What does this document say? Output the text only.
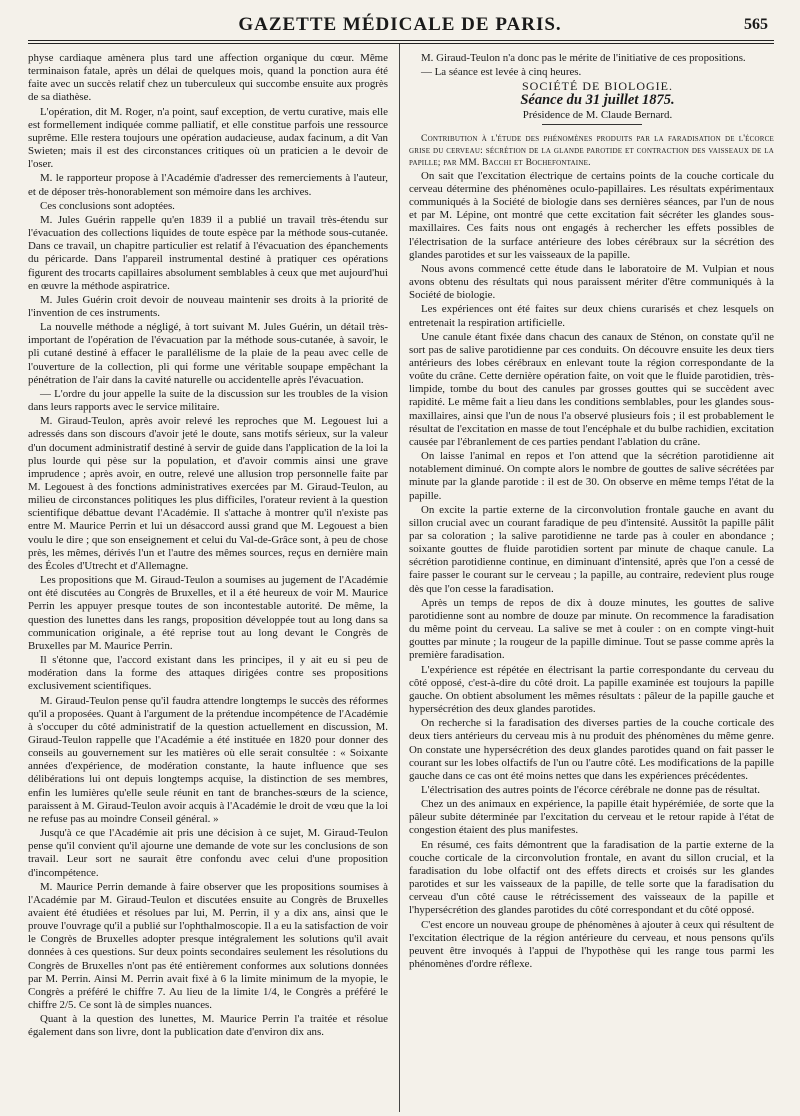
GAZETTE MÉDICALE DE PARIS.	565

physe cardiaque amènera plus tard une affection organique du cœur. Même terminaison fatale, après un délai de quelques mois, quand la ponction aura été faite avec un succès relatif chez un tuberculeux qui succombe ensuite aux progrès de sa diathèse.

L'opération, dit M. Roger, n'a point, sauf exception, de vertu curative, mais elle est formellement indiquée comme palliatif, et elle constitue parfois une ressource suprême. Elle restera toujours une opération audacieuse, audax facinum, a dit Van Swieten; mais il est des circonstances critiques où un praticien a le devoir de l'oser.

M. le rapporteur propose à l'Académie d'adresser des remerciements à l'auteur, et de déposer très-honorablement son mémoire dans les archives.

Ces conclusions sont adoptées.

M. Jules Guérin rappelle qu'en 1839 il a publié un travail très-étendu sur l'évacuation des collections liquides de toute espèce par la méthode sous-cutanée. Dans ce travail, un chapitre particulier est relatif à l'évacuation des épanchements du péricarde. Dans l'appareil instrumental destiné à pratiquer ces opérations figurent des trocarts capillaires absolument semblables à ceux que met aujourd'hui en œuvre la méthode aspiratrice.

M. Jules Guérin croit devoir de nouveau maintenir ses droits à la priorité de l'invention de ces instruments.

La nouvelle méthode a négligé, à tort suivant M. Jules Guérin, un détail très-important de l'opération de l'évacuation par la méthode sous-cutanée, à savoir, le pli cutané destiné à effacer le parallélisme de la plaie de la peau avec celle de l'ouverture de la collection, pli qui forme une véritable soupape empêchant la pénétration de l'air dans la cavité naturelle ou accidentelle après l'évacuation.

— L'ordre du jour appelle la suite de la discussion sur les troubles de la vision dans leurs rapports avec le service militaire.

M. Giraud-Teulon, après avoir relevé les reproches que M. Legouest lui a adressés dans son discours d'avoir jeté le doute, sans motifs sérieux, sur la valeur d'un document administratif destiné à servir de guide dans l'application de la loi la plus lourde qui pèse sur la population, et d'avoir commis ainsi une grave imprudence ; après avoir, en outre, relevé une allusion trop personnelle faite par M. Legouest à des fonctions administratives exercées par M. Giraud-Teulon, au milieu de circonstances politiques les plus difficiles, l'orateur revient à la question scientifique débattue devant l'Académie. Il s'attache à montrer qu'il n'existe pas entre M. Maurice Perrin et lui un désaccord aussi grand que M. Legouest a bien voulu le dire ; que son enseignement et celui du Val-de-Grâce sont, à peu de chose près, les mêmes, dérivés l'un et l'autre des mêmes sources, reçus en dernière main des Écoles d'Utrecht et d'Allemagne.

Les propositions que M. Giraud-Teulon a soumises au jugement de l'Académie ont été discutées au Congrès de Bruxelles, et il a été heureux de voir M. Maurice Perrin les appuyer presque toutes de son incontestable autorité. De même, la question des lunettes dans les rangs, proposition développée tout au long dans sa communication originale, a été reprise tout au long devant le Congrès de Bruxelles par M. Maurice Perrin.

Il s'étonne que, l'accord existant dans les principes, il y ait eu si peu de modération dans la forme des attaques dirigées contre ses propositions exclusivement scientifiques.

M. Giraud-Teulon pense qu'il faudra attendre longtemps le succès des réformes qu'il a proposées. Quant à l'argument de la prétendue incompétence de l'Académie à s'occuper du côté administratif de la question actuellement en discussion, M. Giraud-Teulon rappelle que l'Académie a été instituée en 1820 pour donner des conseils au gouvernement sur les matières où elle serait consultée : « Soixante années d'expérience, de modération constante, la haute influence que ses délibérations lui ont depuis longtemps acquise, la distinction de ses membres, enfin les lumières qu'elle seule réunit en tant de branches-sœurs de la science, paraissent à M. Giraud-Teulon avoir acquis à l'Académie le droit de vœu que la loi ne refuse pas au moindre Conseil général. »

Jusqu'à ce que l'Académie ait pris une décision à ce sujet, M. Giraud-Teulon pense qu'il convient qu'il ajourne une demande de vote sur les conclusions de son travail. Leur sort ne saurait être confondu avec celui d'une proposition d'incompétence.

M. Maurice Perrin demande à faire observer que les propositions soumises à l'Académie par M. Giraud-Teulon et discutées ensuite au Congrès de Bruxelles avaient été étudiées et résolues par lui, M. Perrin, il y a dix ans, ainsi que le prouve l'ouvrage qu'il a publié sur l'ophthalmoscopie. Il a eu la satisfaction de voir le Congrès de Bruxelles adopter presque intégralement les solutions qu'il avait données à ces questions. Sur deux points secondaires seulement les résolutions du Congrès de Bruxelles n'ont pas été entièrement conformes aux solutions données par M. Perrin. Ainsi M. Perrin avait fixé à 6 la limite minimum de la myopie, le Congrès a préféré le chiffre 7. Au lieu de la limite 1/4, le Congrès a préféré le chiffre 2/5. Ce sont là de simples nuances.

Quant à la question des lunettes, M. Maurice Perrin l'a traitée et résolue également dans son livre, dont la publication date d'environ dix ans.

M. Giraud-Teulon n'a donc pas le mérite de l'initiative de ces propositions.

— La séance est levée à cinq heures.

SOCIÉTÉ DE BIOLOGIE.

Séance du 31 juillet 1875.

Présidence de M. Claude Bernard.

Contribution à l'étude des phénomènes produits par la faradisation de l'écorce grise du cerveau: sécrétion de la glande parotide et contraction des vaisseaux de la papille; par MM. Bacchi et Bochefontaine.

On sait que l'excitation électrique de certains points de la couche corticale du cerveau détermine des phénomènes oculo-papillaires. Les résultats expérimentaux communiqués à la Société de biologie dans ses dernières séances, par l'un de nous et par M. Lépine, ont montré que cette excitation fait sécréter les glandes sous-maxillaires. Ces faits nous ont engagés à rechercher les effets possibles de l'électrisation de la surface antérieure des lobes cérébraux sur la sécrétion des glandes parotides et sur les vaisseaux de la papille.

Nous avons commencé cette étude dans le laboratoire de M. Vulpian et nous avons obtenu des résultats qui nous paraissent mériter d'être communiqués à la Société de biologie.

Les expériences ont été faites sur deux chiens curarisés et chez lesquels on entretenait la respiration artificielle.

Une canule étant fixée dans chacun des canaux de Sténon, on constate qu'il ne sort pas de salive parotidienne par ces conduits. On découvre ensuite les deux tiers antérieurs des lobes cérébraux en enlevant toute la région correspondante de la voûte du crâne. Cette dernière opération faite, on voit que le fluide parotidien, très-limpide, tombe du bout des canules par grosses gouttes qui se succèdent avec rapidité. Le même fait a lieu dans les conditions semblables, pour les glandes sous-maxillaires, ainsi que l'un de nous l'a observé plusieurs fois ; il est probablement le résultat de l'excitation en masse de tout l'encéphale et du bulbe rachidien, excitation causée par l'ébranlement de ces parties pendant l'ablation du crâne.

On laisse l'animal en repos et l'on attend que la sécrétion parotidienne ait notablement diminué. On compte alors le nombre de gouttes de salive sécrétées par minute par la glande parotide : il est de 30. On observe en même temps l'état de la papille.

On excite la partie externe de la circonvolution frontale gauche en avant du sillon crucial avec un courant faradique de peu d'intensité. Aussitôt la papille pâlit par sa coloration ; la salive parotidienne ne tarde pas à couler en abondance ; soixante gouttes de fluide parotidien sortent par minute de chaque canule. La sécrétion parotidienne continue, en diminuant d'intensité, après que l'on a cessé de faire passer le courant sur le cerveau ; la papille, au contraire, redevient plus rouge dès que l'on cesse la faradisation.

Après un temps de repos de dix à douze minutes, les gouttes de salive parotidienne sont au nombre de douze par minute. On recommence la faradisation du même point du cerveau. La salive se met à couler : on en compte vingt-huit gouttes par minute ; la rougeur de la papille diminue. Tout se passe comme après la première faradisation.

L'expérience est répétée en électrisant la partie correspondante du cerveau du côté opposé, c'est-à-dire du côté droit. La papille examinée est toujours la papille gauche. On obtient absolument les mêmes résultats : pâleur de la papille gauche et hypersécrétion des deux glandes parotides.

On recherche si la faradisation des diverses parties de la couche corticale des deux tiers antérieurs du cerveau mis à nu produit des phénomènes du même genre. On constate une hypersécrétion des deux glandes parotides quand on fait passer le courant sur les lobes olfactifs de l'un ou l'autre côté. Les modifications de la papille gauche dans ce cas ont été moins nettes que dans les expériences précédentes.

L'électrisation des autres points de l'écorce cérébrale ne donne pas de résultat.

Chez un des animaux en expérience, la papille était hypérémiée, de sorte que la pâleur subite déterminée par l'excitation du cerveau et le retour rapide à l'état de congestion étaient des plus manifestes.

En résumé, ces faits démontrent que la faradisation de la partie externe de la couche corticale de la circonvolution frontale, en avant du sillon crucial, et la faradisation du lobe olfactif ont des effets directs et croisés sur les glandes parotides et sur les vaisseaux de la papille, de telle sorte que la faradisation du cerveau d'un côté cause le rétrécissement des vaisseaux de la papille et l'hypersécrétion des glandes parotides du côté correspondant et du côté opposé.

C'est encore un nouveau groupe de phénomènes à ajouter à ceux qui résultent de l'excitation électrique de la région antérieure du cerveau, et nous pensons qu'ils peuvent être invoqués à l'appui de l'hypothèse qui les range tous parmi les phénomènes d'ordre réflexe.
